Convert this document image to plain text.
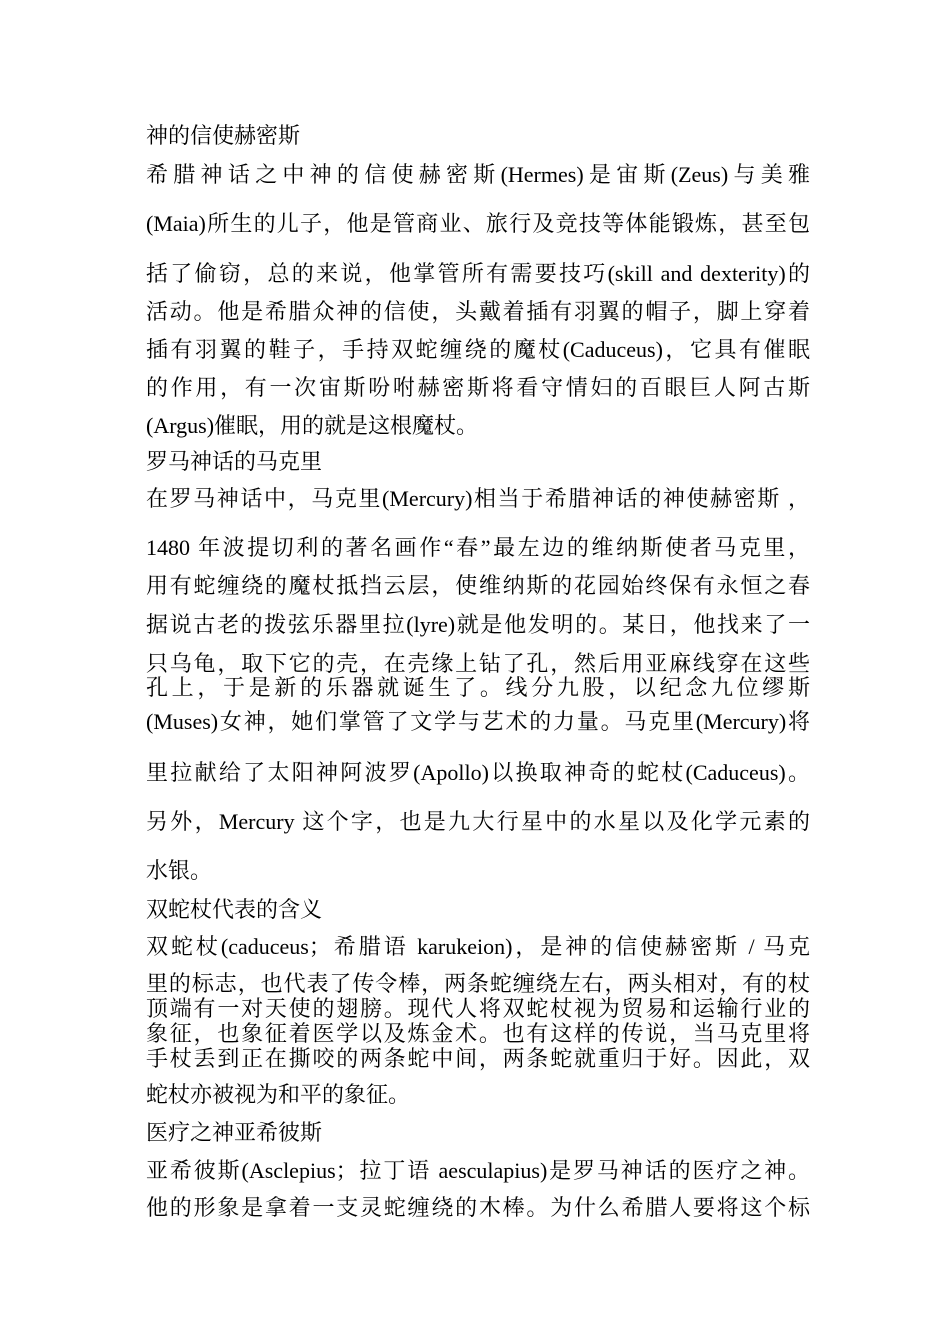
神的信使赫密斯
希腊神话之中神的信使赫密斯(Hermes)是宙斯(Zeus)与美雅
(Maia)所生的儿子，他是管商业、旅行及竞技等体能锻炼，甚至包
括了偷窃，总的来说，他掌管所有需要技巧(skill and dexterity)的
活动。他是希腊众神的信使，头戴着插有羽翼的帽子，脚上穿着
插有羽翼的鞋子，手持双蛇缠绕的魔杖(Caduceus)，它具有催眠
的作用，有一次宙斯吩咐赫密斯将看守情妇的百眼巨人阿古斯
(Argus)催眠，用的就是这根魔杖。
罗马神话的马克里
在罗马神话中，马克里(Mercury)相当于希腊神话的神使赫密斯 ，
1480 年波提切利的著名画作“春”最左边的维纳斯使者马克里，
用有蛇缠绕的魔杖抵挡云层，使维纳斯的花园始终保有永恒之春
据说古老的拨弦乐器里拉(lyre)就是他发明的。某日，他找来了一
只乌龟，取下它的壳，在壳缘上钻了孔，然后用亚麻线穿在这些
孔上，于是新的乐器就诞生了。线分九股，以纪念九位缪斯
(Muses)女神，她们掌管了文学与艺术的力量。马克里(Mercury)将
里拉献给了太阳神阿波罗(Apollo)以换取神奇的蛇杖(Caduceus)。
另外，Mercury 这个字，也是九大行星中的水星以及化学元素的
水银。
双蛇杖代表的含义
双蛇杖(caduceus；希腊语 karukeion)，是神的信使赫密斯 / 马克
里的标志，也代表了传令棒，两条蛇缠绕左右，两头相对，有的杖
顶端有一对天使的翅膀。现代人将双蛇杖视为贸易和运输行业的
象征，也象征着医学以及炼金术。也有这样的传说，当马克里将
手杖丢到正在撕咬的两条蛇中间，两条蛇就重归于好。因此，双
蛇杖亦被视为和平的象征。
医疗之神亚希彼斯
亚希彼斯(Asclepius；拉丁语 aesculapius)是罗马神话的医疗之神。
他的形象是拿着一支灵蛇缠绕的木棒。为什么希腊人要将这个标
